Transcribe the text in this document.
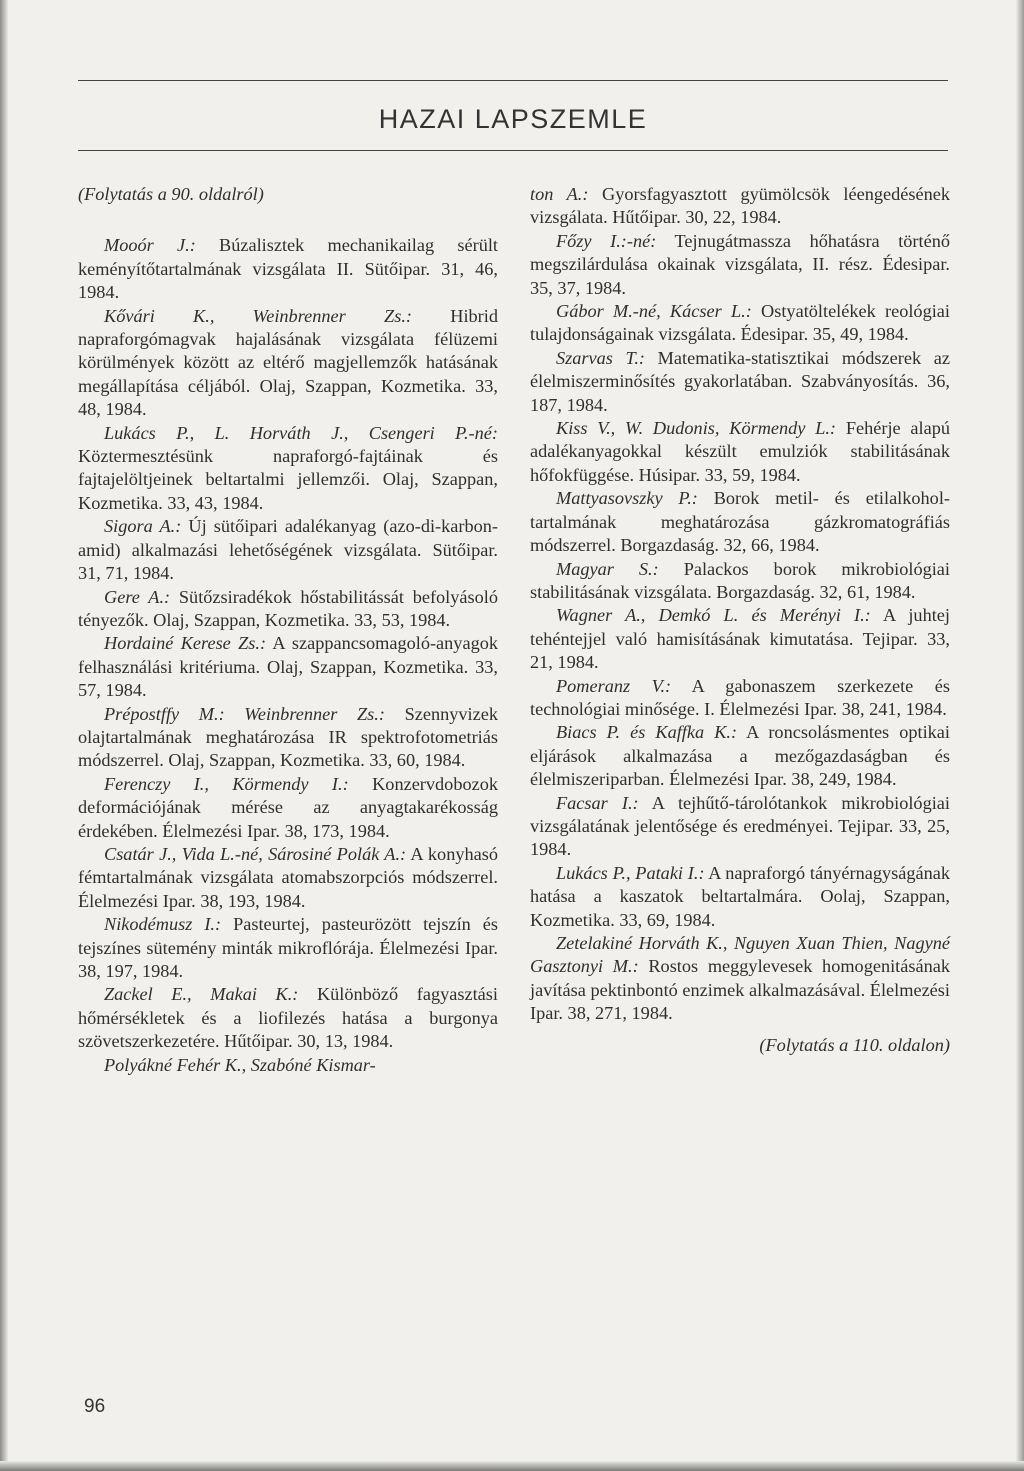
HAZAI LAPSZEMLE

(Folytatás a 90. oldalról)

Mooór J.: Búzalisztek mechanikailag sérült keményítőtartalmának vizsgálata II. Sütőipar. 31, 46, 1984.

Kővári K., Weinbrenner Zs.: Hibrid napraforgómagvak hajalásának vizsgálata félüzemi körülmények között az eltérő magjellemzők hatásának megállapítása céljából. Olaj, Szappan, Kozmetika. 33, 48, 1984.

Lukács P., L. Horváth J., Csengeri P.-né: Köztermesztésünk napraforgó-fajtáinak és fajtajelöltjeinek beltartalmi jellemzői. Olaj, Szappan, Kozmetika. 33, 43, 1984.

Sigora A.: Új sütőipari adalékanyag (azo-di-karbon-amid) alkalmazási lehetőségének vizsgálata. Sütőipar. 31, 71, 1984.

Gere A.: Sütőzsiradékok hőstabilitássát befolyásoló tényezők. Olaj, Szappan, Kozmetika. 33, 53, 1984.

Hordainé Kerese Zs.: A szappancsomagoló-anyagok felhasználási kritériuma. Olaj, Szappan, Kozmetika. 33, 57, 1984.

Prépostffy M.: Weinbrenner Zs.: Szennyvizek olajtartalmának meghatározása IR spektrofotometriás módszerrel. Olaj, Szappan, Kozmetika. 33, 60, 1984.

Ferenczy I., Körmendy I.: Konzervdobozok deformációjának mérése az anyagtakarékosság érdekében. Élelmezési Ipar. 38, 173, 1984.

Csatár J., Vida L.-né, Sárosiné Polák A.: A konyhasó fémtartalmának vizsgálata atomabszorpciós módszerrel. Élelmezési Ipar. 38, 193, 1984.

Nikodémusz I.: Pasteurtej, pasteurözött tejszín és tejszínes sütemény minták mikroflórája. Élelmezési Ipar. 38, 197, 1984.

Zackel E., Makai K.: Különböző fagyasztási hőmérsékletek és a liofilezés hatása a burgonya szövetszerkezetére. Hűtőipar. 30, 13, 1984.

Polyákné Fehér K., Szabóné Kismar-

ton A.: Gyorsfagyasztott gyümölcsök léengedésének vizsgálata. Hűtőipar. 30, 22, 1984.

Főzy I.:-né: Tejnugátmassza hőhatásra történő megszilárdulása okainak vizsgálata, II. rész. Édesipar. 35, 37, 1984.

Gábor M.-né, Kácser L.: Ostyatöltelékek reológiai tulajdonságainak vizsgálata. Édesipar. 35, 49, 1984.

Szarvas T.: Matematika-statisztikai módszerek az élelmiszerminősítés gyakorlatában. Szabványosítás. 36, 187, 1984.

Kiss V., W. Dudonis, Körmendy L.: Fehérje alapú adalékanyagokkal készült emulziók stabilitásának hőfokfüggése. Húsipar. 33, 59, 1984.

Mattyasovszky P.: Borok metil- és etilalkohol-tartalmának meghatározása gázkromatográfiás módszerrel. Borgazdaság. 32, 66, 1984.

Magyar S.: Palackos borok mikrobiológiai stabilitásának vizsgálata. Borgazdaság. 32, 61, 1984.

Wagner A., Demkó L. és Merényi I.: A juhtej tehéntejjel való hamisításának kimutatása. Tejipar. 33, 21, 1984.

Pomeranz V.: A gabonaszem szerkezete és technológiai minősége. I. Élelmezési Ipar. 38, 241, 1984.

Biacs P. és Kaffka K.: A roncsolásmentes optikai eljárások alkalmazása a mezőgazdaságban és élelmiszeriparban. Élelmezési Ipar. 38, 249, 1984.

Facsar I.: A tejhűtő-tárolótankok mikrobiológiai vizsgálatának jelentősége és eredményei. Tejipar. 33, 25, 1984.

Lukács P., Pataki I.: A napraforgó tányérnagyságának hatása a kaszatok beltartalmára. Oolaj, Szappan, Kozmetika. 33, 69, 1984.

Zetelakiné Horváth K., Nguyen Xuan Thien, Nagyné Gasztonyi M.: Rostos meggylevesek homogenitásának javítása pektinbontó enzimek alkalmazásával. Élelmezési Ipar. 38, 271, 1984.

(Folytatás a 110. oldalon)

96
